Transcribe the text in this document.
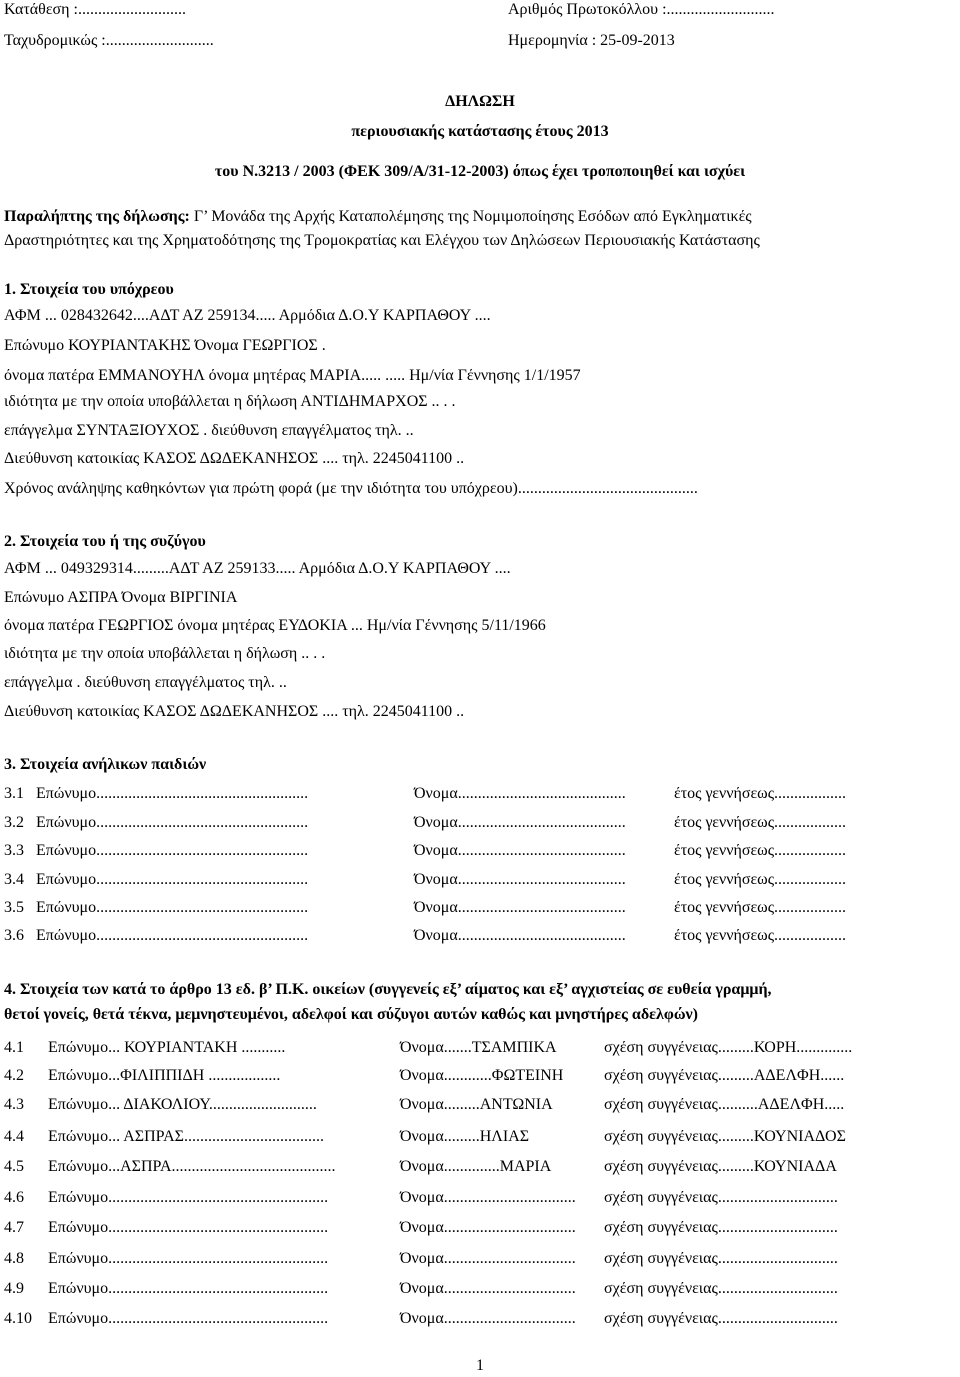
Κατάθεση :...........................	Αριθμός Πρωτοκόλλου :...........................
Ταχυδρομικώς :...........................	Ημερομηνία : 25-09-2013
ΔΗΛΩΣΗ
περιουσιακής κατάστασης έτους 2013
του Ν.3213 / 2003 (ΦΕΚ 309/Α/31-12-2003) όπως έχει τροποποιηθεί και ισχύει
Παραλήπτης της δήλωσης: Γ’ Μονάδα της Αρχής Καταπολέμησης της Νομιμοποίησης Εσόδων από Εγκληματικές
Δραστηριότητες και της Χρηματοδότησης της Τρομοκρατίας και Ελέγχου των Δηλώσεων Περιουσιακής Κατάστασης
1. Στοιχεία του υπόχρεου
ΑΦΜ ... 028432642....ΑΔΤ ΑΖ 259134..... Αρμόδια Δ.Ο.Υ ΚΑΡΠΑΘΟΥ ....
Επώνυμο ΚΟΥΡΙΑΝΤΑΚΗΣ Όνομα ΓΕΩΡΓΙΟΣ .
όνομα πατέρα ΕΜΜΑΝΟΥΗΛ όνομα μητέρας ΜΑΡΙΑ..... ..... Ημ/νία Γέννησης 1/1/1957
ιδιότητα με την οποία υποβάλλεται η δήλωση ΑΝΤΙΔΗΜΑΡΧΟΣ .. . .
επάγγελμα ΣΥΝΤΑΞΙΟΥΧΟΣ . διεύθυνση επαγγέλματος τηλ. ..
Διεύθυνση κατοικίας ΚΑΣΟΣ ΔΩΔΕΚΑΝΗΣΟΣ .... τηλ. 2245041100 ..
Χρόνος ανάληψης καθηκόντων για πρώτη φορά (με την ιδιότητα του υπόχρεου).............................................
2. Στοιχεία του ή της συζύγου
ΑΦΜ ... 049329314.........ΑΔΤ ΑΖ 259133..... Αρμόδια Δ.Ο.Υ ΚΑΡΠΑΘΟΥ ....
Επώνυμο ΑΣΠΡΑ Όνομα ΒΙΡΓΙΝΙΑ
όνομα πατέρα ΓΕΩΡΓΙΟΣ όνομα μητέρας ΕΥΔΟΚΙΑ ... Ημ/νία Γέννησης 5/11/1966
ιδιότητα με την οποία υποβάλλεται η δήλωση .. . .
επάγγελμα . διεύθυνση επαγγέλματος τηλ. ..
Διεύθυνση κατοικίας ΚΑΣΟΣ ΔΩΔΕΚΑΝΗΣΟΣ .... τηλ. 2245041100 ..
3. Στοιχεία ανήλικων παιδιών
3.1 Επώνυμο.....................................................	Όνομα..........................................	έτος γεννήσεως..................
3.2 Επώνυμο.....................................................	Όνομα..........................................	έτος γεννήσεως..................
3.3 Επώνυμο.....................................................	Όνομα..........................................	έτος γεννήσεως..................
3.4 Επώνυμο.....................................................	Όνομα..........................................	έτος γεννήσεως..................
3.5 Επώνυμο.....................................................	Όνομα..........................................	έτος γεννήσεως..................
3.6 Επώνυμο.....................................................	Όνομα..........................................	έτος γεννήσεως..................
4. Στοιχεία των κατά το άρθρο 13 εδ. β’ Π.Κ. οικείων (συγγενείς εξ’ αίματος και εξ’ αγχιστείας σε ευθεία γραμμή,
θετοί γονείς, θετά τέκνα, μεμνηστευμένοι, αδελφοί και σύζυγοι αυτών καθώς και μνηστήρες αδελφών)
4.1 Επώνυμο... ΚΟΥΡΙΑΝΤΑΚΗ ...........	Όνομα.......ΤΣΑΜΠΙΚΑ	σχέση συγγένειας.........ΚΟΡΗ..............
4.2 Επώνυμο...ΦΙΛΙΠΠΙΔΗ ..................	Όνομα............ΦΩΤΕΙΝΗ	σχέση συγγένειας.........ΑΔΕΛΦΗ......
4.3 Επώνυμο... ΔΙΑΚΟΛΙΟΥ...........................	Όνομα.........ΑΝΤΩΝΙΑ	σχέση συγγένειας..........ΑΔΕΛΦΗ.....
4.4 Επώνυμο... ΑΣΠΡΑΣ...................................	Όνομα.........ΗΛΙΑΣ	σχέση συγγένειας.........ΚΟΥΝΙΑΔΟΣ
4.5 Επώνυμο...ΑΣΠΡΑ.........................................	Όνομα..............ΜΑΡΙΑ	σχέση συγγένειας.........ΚΟΥΝΙΑΔΑ
4.6 Επώνυμο.......................................................	Όνομα................................. σχέση συγγένειας..............................
4.7 Επώνυμο.......................................................	Όνομα................................. σχέση συγγένειας..............................
4.8 Επώνυμο.......................................................	Όνομα................................. σχέση συγγένειας..............................
4.9 Επώνυμο.......................................................	Όνομα................................. σχέση συγγένειας..............................
4.10 Επώνυμο.......................................................	Όνομα................................. σχέση συγγένειας..............................
1
